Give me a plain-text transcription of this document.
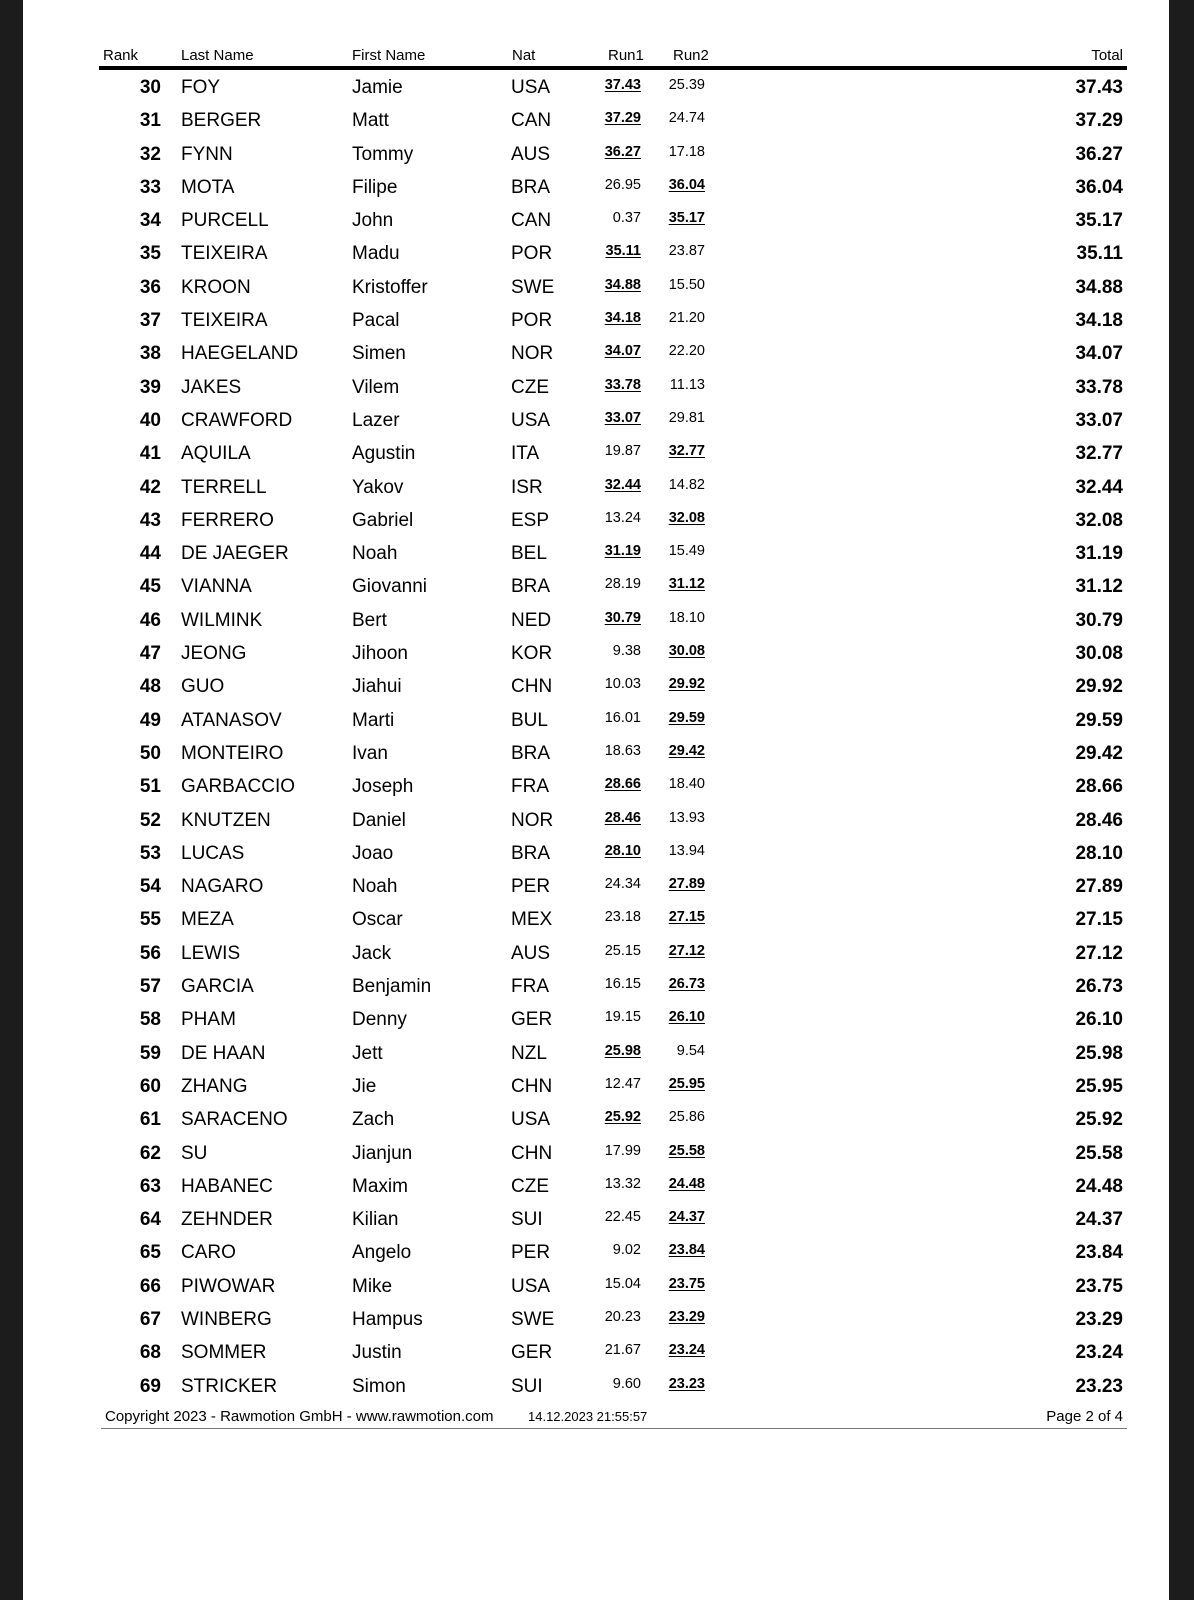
Rank	Last Name	First Name	Nat	Run1 Run2	Total
30 FOY	Jamie	USA	37.43	25.39	37.43
31 BERGER	Matt	CAN	37.29	24.74	37.29
32 FYNN	Tommy	AUS	36.27	17.18	36.27
33 MOTA	Filipe	BRA	26.95	36.04	36.04
34 PURCELL	John	CAN	0.37	35.17	35.17
35 TEIXEIRA	Madu	POR	35.11	23.87	35.11
36 KROON	Kristoffer	SWE	34.88	15.50	34.88
37 TEIXEIRA	Pacal	POR	34.18	21.20	34.18
38 HAEGELAND	Simen	NOR	34.07	22.20	34.07
39 JAKES	Vilem	CZE	33.78	11.13	33.78
40 CRAWFORD	Lazer	USA	33.07	29.81	33.07
41 AQUILA	Agustin	ITA	19.87	32.77	32.77
42 TERRELL	Yakov	ISR	32.44	14.82	32.44
43 FERRERO	Gabriel	ESP	13.24	32.08	32.08
44 DE JAEGER	Noah	BEL	31.19	15.49	31.19
45 VIANNA	Giovanni	BRA	28.19	31.12	31.12
46 WILMINK	Bert	NED	30.79	18.10	30.79
47 JEONG	Jihoon	KOR	9.38	30.08	30.08
48 GUO	Jiahui	CHN	10.03	29.92	29.92
49 ATANASOV	Marti	BUL	16.01	29.59	29.59
50 MONTEIRO	Ivan	BRA	18.63	29.42	29.42
51 GARBACCIO	Joseph	FRA	28.66	18.40	28.66
52 KNUTZEN	Daniel	NOR	28.46	13.93	28.46
53 LUCAS	Joao	BRA	28.10	13.94	28.10
54 NAGARO	Noah	PER	24.34	27.89	27.89
55 MEZA	Oscar	MEX	23.18	27.15	27.15
56 LEWIS	Jack	AUS	25.15	27.12	27.12
57 GARCIA	Benjamin	FRA	16.15	26.73	26.73
58 PHAM	Denny	GER	19.15	26.10	26.10
59 DE HAAN	Jett	NZL	25.98	9.54	25.98
60 ZHANG	Jie	CHN	12.47	25.95	25.95
61 SARACENO	Zach	USA	25.92	25.86	25.92
62 SU	Jianjun	CHN	17.99	25.58	25.58
63 HABANEC	Maxim	CZE	13.32	24.48	24.48
64 ZEHNDER	Kilian	SUI	22.45	24.37	24.37
65 CARO	Angelo	PER	9.02	23.84	23.84
66 PIWOWAR	Mike	USA	15.04	23.75	23.75
67 WINBERG	Hampus	SWE	20.23	23.29	23.29
68 SOMMER	Justin	GER	21.67	23.24	23.24
69 STRICKER	Simon	SUI	9.60	23.23	23.23
Copyright 2023 - Rawmotion GmbH - www.rawmotion.com	14.12.2023 21:55:57	Page 2 of 4
